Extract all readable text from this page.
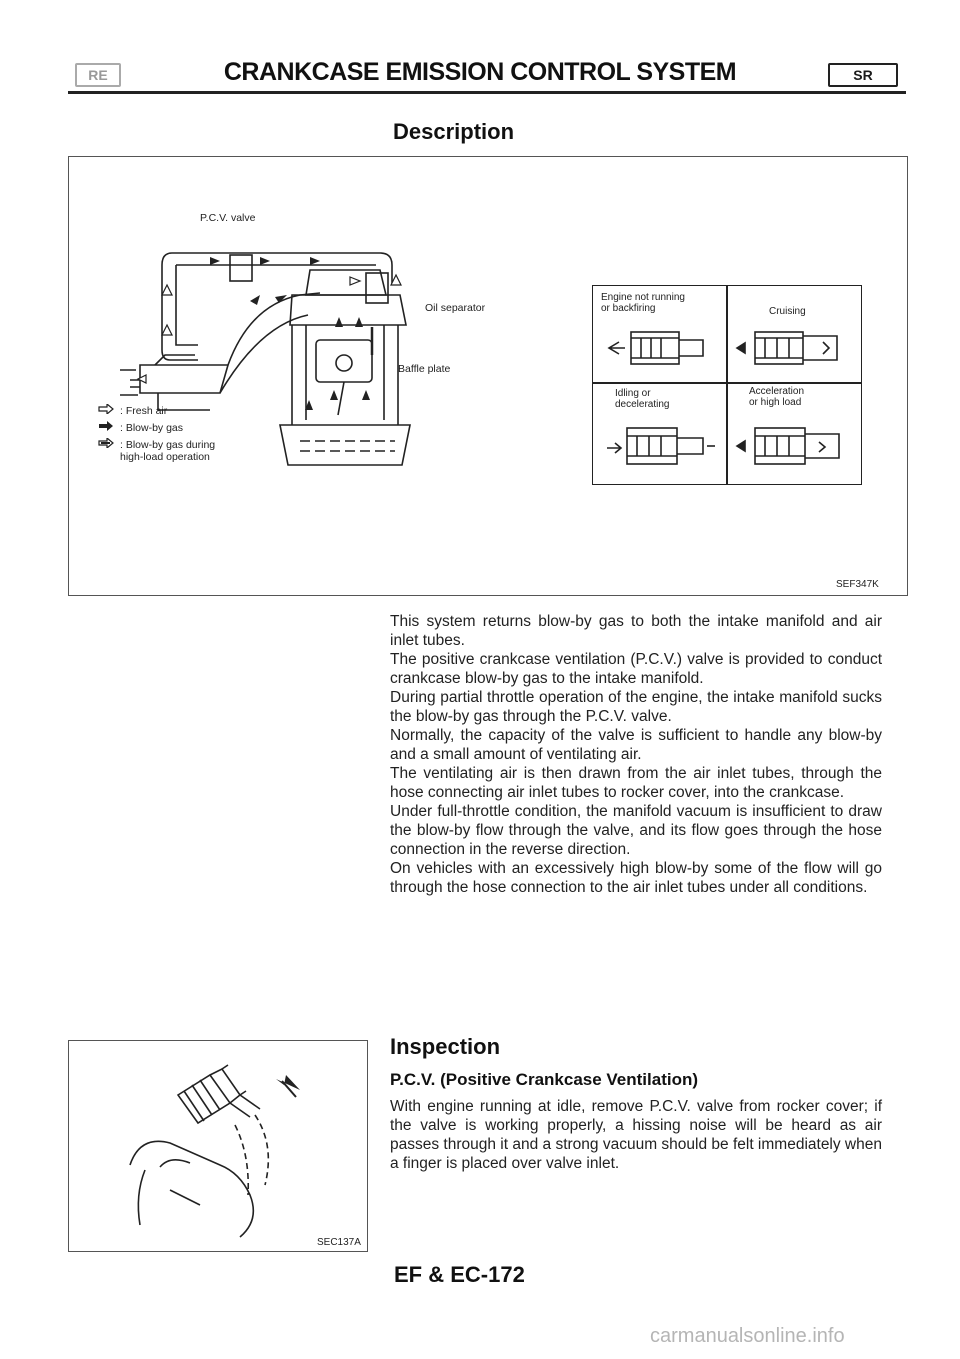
RE	CRANKCASE EMISSION CONTROL SYSTEM	SR
Description
P.C.V. valve
Oil separator
Baffle plate
: Fresh air
: Blow-by gas
: Blow-by gas during
high-load operation
Engine not running
or backfiring	Cruising
Idling or
decelerating
Acceleration
or high load
SEF347K

This system returns blow-by gas to both the intake manifold and air inlet tubes.

The positive crankcase ventilation (P.C.V.) valve is provided to conduct crankcase blow-by gas to the intake manifold.

During partial throttle operation of the engine, the intake manifold sucks the blow-by gas through the P.C.V. valve.

Normally, the capacity of the valve is sufficient to handle any blow-by and a small amount of ventilating air.

The ventilating air is then drawn from the air inlet tubes, through the hose connecting air inlet tubes to rocker cover, into the crankcase.

Under full-throttle condition, the manifold vacuum is insufficient to draw the blow-by flow through the valve, and its flow goes through the hose connection in the reverse direction.

On vehicles with an excessively high blow-by some of the flow will go through the hose connection to the air inlet tubes under all conditions.

SEC137A
Inspection
P.C.V. (Positive Crankcase Ventilation)

With engine running at idle, remove P.C.V. valve from rocker cover; if the valve is working properly, a hissing noise will be heard as air passes through it and a strong vacuum should be felt immediately when a finger is placed over valve inlet.

EF & EC-172
carmanualsonline.info
